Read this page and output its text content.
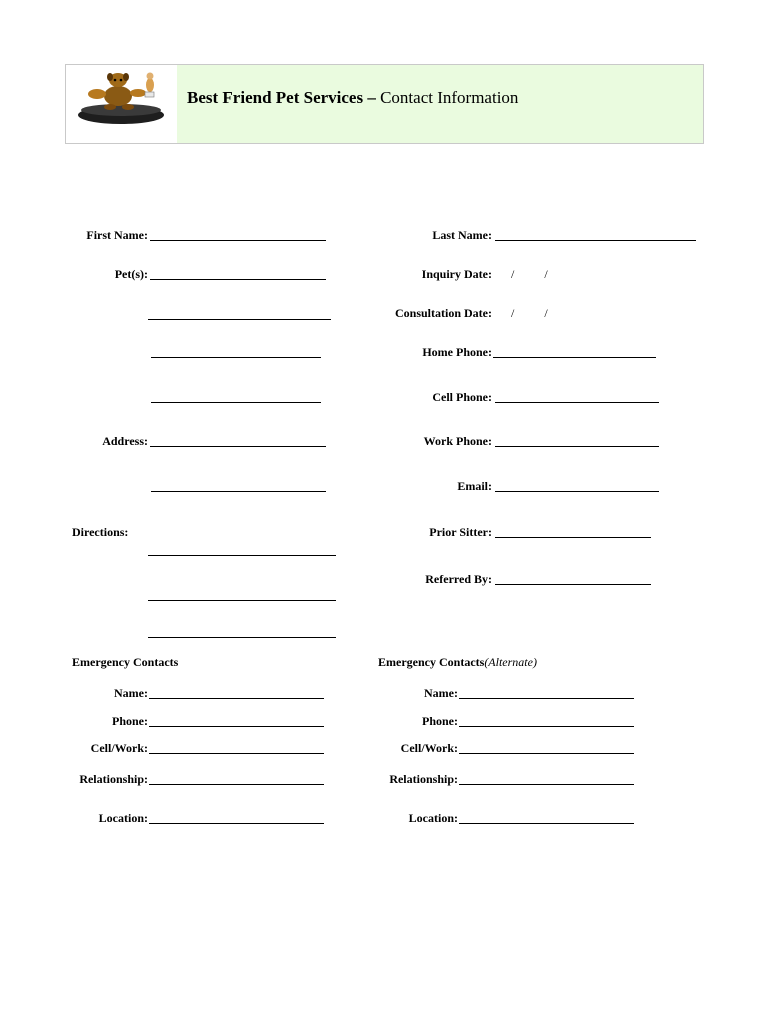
Best Friend Pet Services – Contact Information
First Name:
Pet(s):
Address:
Directions:
Last Name:
Inquiry Date: /          /
Consultation Date: /          /
Home Phone:
Cell Phone:
Work Phone:
Email:
Prior Sitter:
Referred By:
Emergency Contacts
Name:
Phone:
Cell/Work:
Relationship:
Location:
Emergency Contacts(Alternate)
Name:
Phone:
Cell/Work:
Relationship:
Location:
